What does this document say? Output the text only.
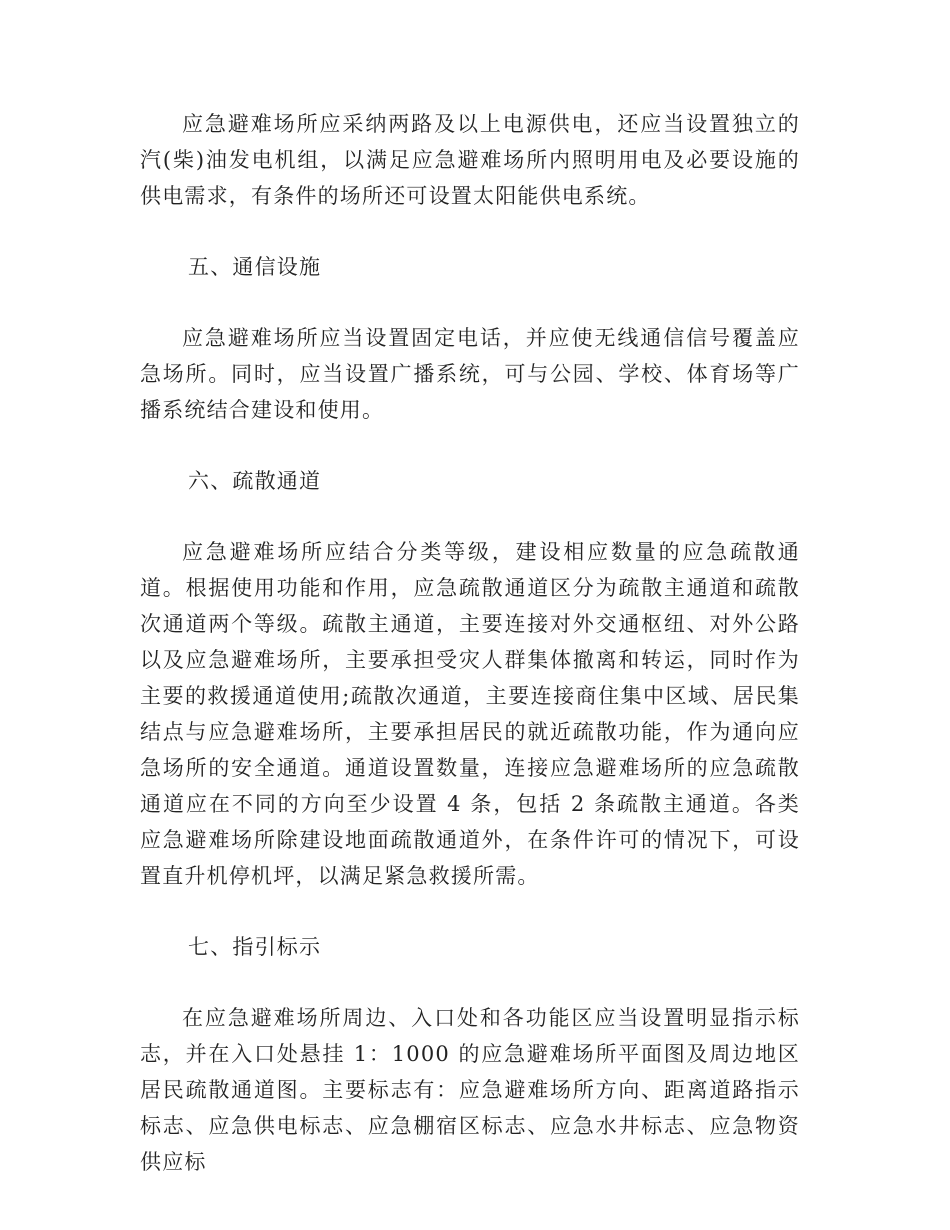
应急避难场所应采纳两路及以上电源供电，还应当设置独立的汽(柴)油发电机组，以满足应急避难场所内照明用电及必要设施的供电需求，有条件的场所还可设置太阳能供电系统。
五、通信设施
应急避难场所应当设置固定电话，并应使无线通信信号覆盖应急场所。同时，应当设置广播系统，可与公园、学校、体育场等广播系统结合建设和使用。
六、疏散通道
应急避难场所应结合分类等级，建设相应数量的应急疏散通道。根据使用功能和作用，应急疏散通道区分为疏散主通道和疏散次通道两个等级。疏散主通道，主要连接对外交通枢纽、对外公路以及应急避难场所，主要承担受灾人群集体撤离和转运，同时作为主要的救援通道使用;疏散次通道，主要连接商住集中区域、居民集结点与应急避难场所，主要承担居民的就近疏散功能，作为通向应急场所的安全通道。通道设置数量，连接应急避难场所的应急疏散通道应在不同的方向至少设置 4 条，包括 2 条疏散主通道。各类应急避难场所除建设地面疏散通道外，在条件许可的情况下，可设置直升机停机坪，以满足紧急救援所需。
七、指引标示
在应急避难场所周边、入口处和各功能区应当设置明显指示标志，并在入口处悬挂 1：1000 的应急避难场所平面图及周边地区居民疏散通道图。主要标志有：应急避难场所方向、距离道路指示标志、应急供电标志、应急棚宿区标志、应急水井标志、应急物资供应标
